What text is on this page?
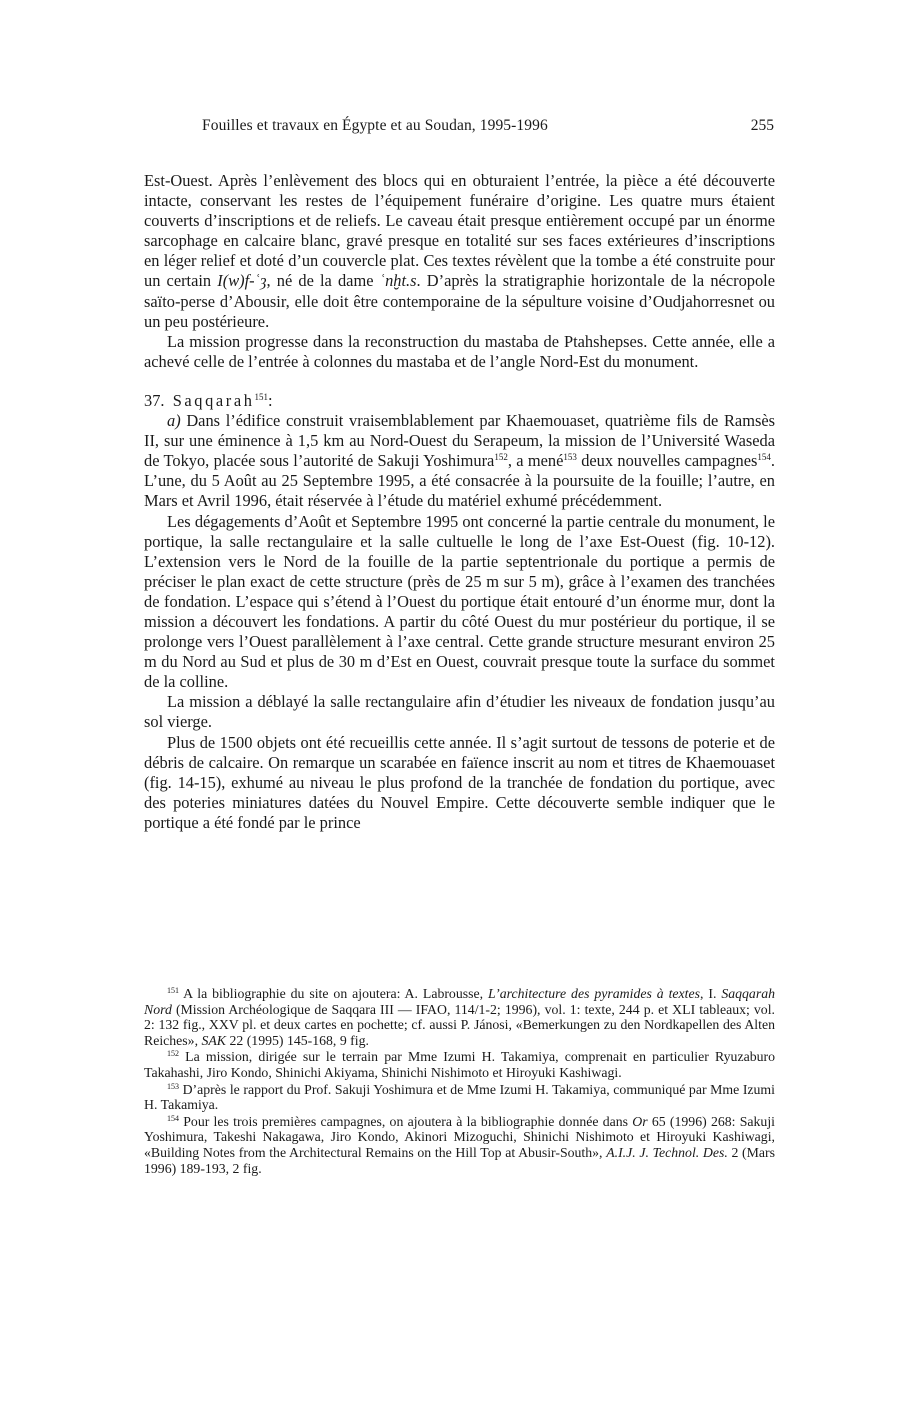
Fouilles et travaux en Égypte et au Soudan, 1995-1996	255

Est-Ouest. Après l’enlèvement des blocs qui en obturaient l’entrée, la pièce a été découverte intacte, conservant les restes de l’équipement funéraire d’origine. Les quatre murs étaient couverts d’inscriptions et de reliefs. Le caveau était presque entièrement occupé par un énorme sarcophage en calcaire blanc, gravé presque en totalité sur ses faces extérieures d’inscriptions en léger relief et doté d’un couvercle plat. Ces textes révèlent que la tombe a été construite pour un certain I(w)f-ʿȝ, né de la dame ʿnḫt.s. D’après la stratigraphie horizontale de la nécropole saïto-perse d’Abousir, elle doit être contemporaine de la sépulture voisine d’Oudjahorresnet ou un peu postérieure.

La mission progresse dans la reconstruction du mastaba de Ptahshepses. Cette année, elle a achevé celle de l’entrée à colonnes du mastaba et de l’angle Nord-Est du monument.

37. Saqqarah$^{151}$:

a) Dans l’édifice construit vraisemblablement par Khaemouaset, quatrième fils de Ramsès II, sur une éminence à 1,5 km au Nord-Ouest du Serapeum, la mission de l’Université Waseda de Tokyo, placée sous l’autorité de Sakuji Yoshimura$^{152}$, a mené$^{153}$ deux nouvelles campagnes$^{154}$. L’une, du 5 Août au 25 Septembre 1995, a été consacrée à la poursuite de la fouille; l’autre, en Mars et Avril 1996, était réservée à l’étude du matériel exhumé précédemment.

Les dégagements d’Août et Septembre 1995 ont concerné la partie centrale du monument, le portique, la salle rectangulaire et la salle cultuelle le long de l’axe Est-Ouest (fig. 10-12). L’extension vers le Nord de la fouille de la partie septentrionale du portique a permis de préciser le plan exact de cette structure (près de 25 m sur 5 m), grâce à l’examen des tranchées de fondation. L’espace qui s’étend à l’Ouest du portique était entouré d’un énorme mur, dont la mission a découvert les fondations. A partir du côté Ouest du mur postérieur du portique, il se prolonge vers l’Ouest parallèlement à l’axe central. Cette grande structure mesurant environ 25 m du Nord au Sud et plus de 30 m d’Est en Ouest, couvrait presque toute la surface du sommet de la colline.

La mission a déblayé la salle rectangulaire afin d’étudier les niveaux de fondation jusqu’au sol vierge.

Plus de 1500 objets ont été recueillis cette année. Il s’agit surtout de tessons de poterie et de débris de calcaire. On remarque un scarabée en faïence inscrit au nom et titres de Khaemouaset (fig. 14-15), exhumé au niveau le plus profond de la tranchée de fondation du portique, avec des poteries miniatures datées du Nouvel Empire. Cette découverte semble indiquer que le portique a été fondé par le prince

$^{151}$ A la bibliographie du site on ajoutera: A. Labrousse, L’architecture des pyramides à textes, I. Saqqarah Nord (Mission Archéologique de Saqqara III — IFAO, 114/1-2; 1996), vol. 1: texte, 244 p. et XLI tableaux; vol. 2: 132 fig., XXV pl. et deux cartes en pochette; cf. aussi P. Jánosi, «Bemerkungen zu den Nordkapellen des Alten Reiches», SAK 22 (1995) 145-168, 9 fig.

$^{152}$ La mission, dirigée sur le terrain par Mme Izumi H. Takamiya, comprenait en particulier Ryuzaburo Takahashi, Jiro Kondo, Shinichi Akiyama, Shinichi Nishimoto et Hiroyuki Kashiwagi.

$^{153}$ D’après le rapport du Prof. Sakuji Yoshimura et de Mme Izumi H. Takamiya, communiqué par Mme Izumi H. Takamiya.

$^{154}$ Pour les trois premières campagnes, on ajoutera à la bibliographie donnée dans Or 65 (1996) 268: Sakuji Yoshimura, Takeshi Nakagawa, Jiro Kondo, Akinori Mizoguchi, Shinichi Nishimoto et Hiroyuki Kashiwagi, «Building Notes from the Architectural Remains on the Hill Top at Abusir-South», A.I.J. J. Technol. Des. 2 (Mars 1996) 189-193, 2 fig.
